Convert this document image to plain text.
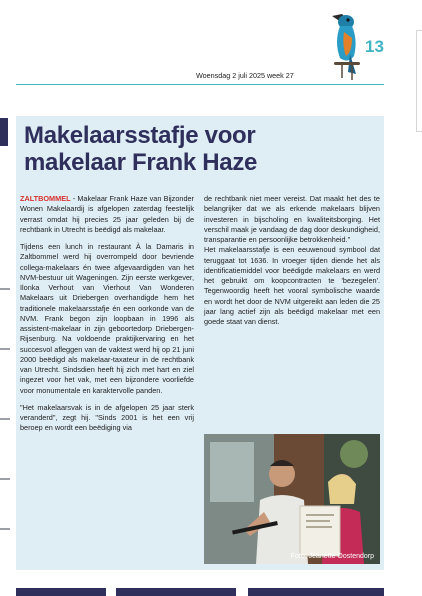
13
Woensdag 2 juli 2025 week 27
Makelaarsstafje voor
makelaar Frank Haze

ZALTBOMMEL - Makelaar Frank Haze van Bijzonder Wonen Makelaardij is afgelopen zaterdag feestelijk verrast omdat hij precies 25 jaar geleden bij de rechtbank in Utrecht is beëdigd als makelaar.

Tijdens een lunch in restaurant À la Damaris in Zaltbommel werd hij overrompeld door bevriende collega-makelaars én twee afgevaardigden van het NVM-bestuur uit Wageningen. Zijn eerste werkgever, Ilonka Verhout van Vierhout Van Wonderen Makelaars uit Driebergen overhandigde hem het traditionele makelaarsstafje én een oorkonde van de NVM. Frank begon zijn loopbaan in 1996 als assistent-makelaar in zijn geboortedorp Driebergen-Rijsenburg. Na voldoende praktijkervaring en het succesvol afleggen van de vaktest werd hij op 21 juni 2000 beëdigd als makelaar-taxateur in de rechtbank van Utrecht. Sindsdien heeft hij zich met hart en ziel ingezet voor het vak, met een bijzondere voorliefde voor monumentale en karaktervolle panden.

"Het makelaarsvak is in de afgelopen 25 jaar sterk veranderd", zegt hij. "Sinds 2001 is het een vrij beroep en wordt een beëdiging via

de rechtbank niet meer vereist. Dat maakt het des te belangrijker dat we als erkende makelaars blijven investeren in bijscholing en kwaliteitsborging. Het verschil maak je vandaag de dag door deskundigheid, transparantie en persoonlijke betrokkenheid."

Het makelaarsstafje is een eeuwenoud symbool dat teruggaat tot 1636. In vroeger tijden diende het als identificatiemiddel voor beëdigde makelaars en werd het gebruikt om koopcontracten te 'bezegelen'. Tegenwoordig heeft het vooral symbolische waarde en wordt het door de NVM uitgereikt aan leden die 25 jaar lang actief zijn als beëdigd makelaar met een goede staat van dienst.

Foto: Jeanette Oostendorp
